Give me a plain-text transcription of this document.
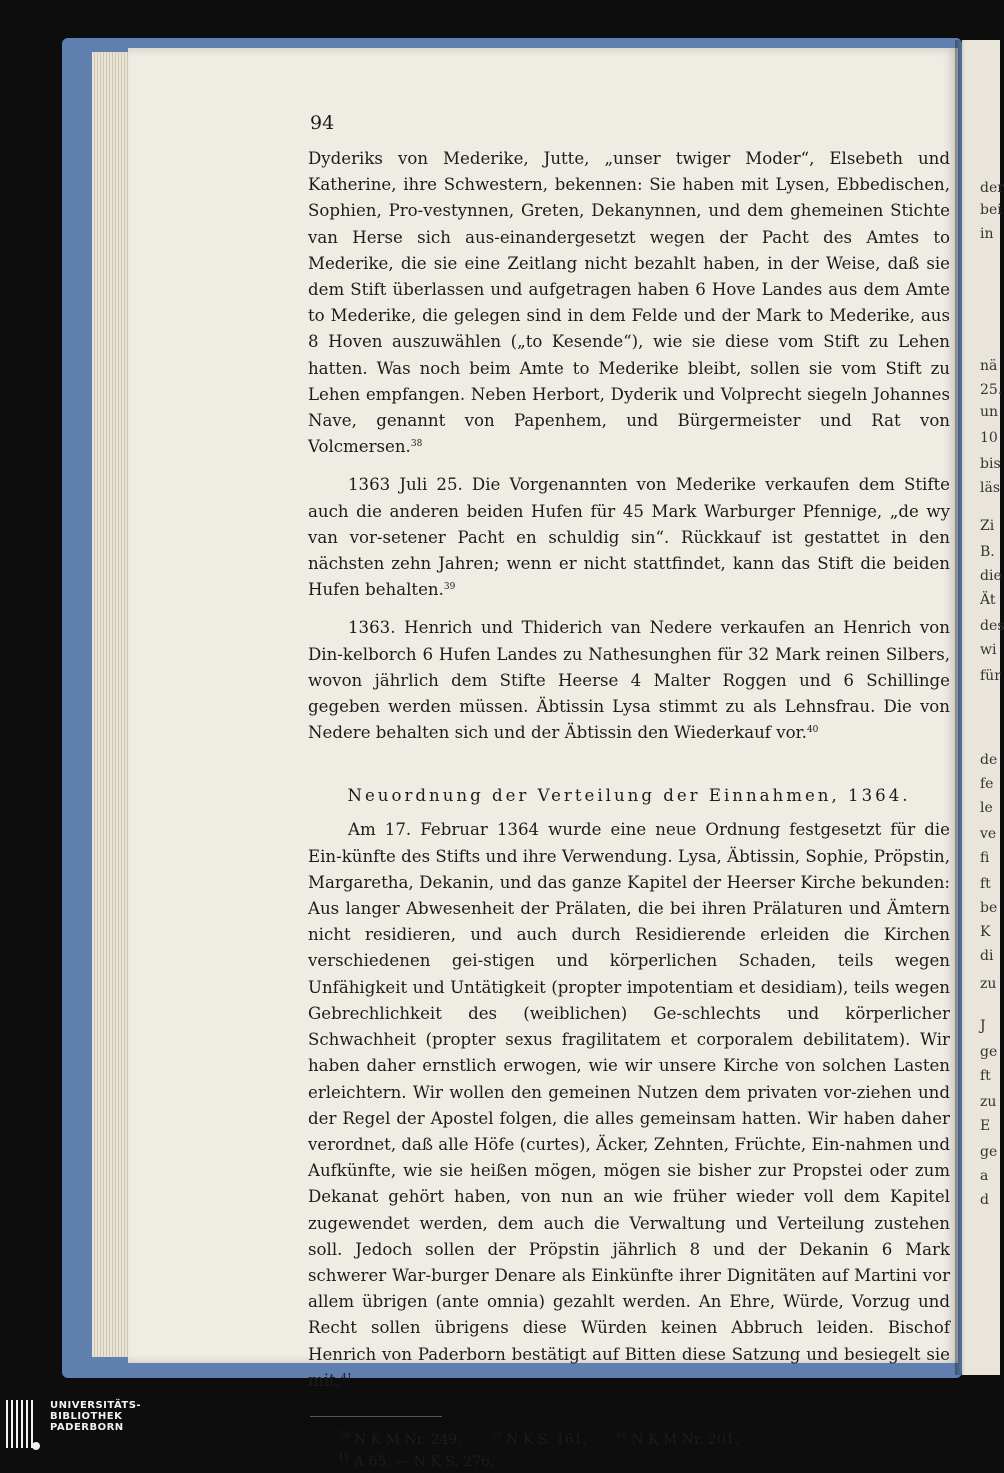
der
bei
in
nä
25.
un
10
bis
läs
Zi
B.
die
Ät
des
wi
für
de
fe
le
ve
fi
ft
be
K
di
zu
J
ge
ft
zu
E
ge
a
d
94

Dyderiks von Mederike, Jutte, „unser twiger Moder“, Elsebeth und Katherine, ihre Schwestern, bekennen: Sie haben mit Lysen, Ebbedischen, Sophien, Pro-vestynnen, Greten, Dekanynnen, und dem ghemeinen Stichte van Herse sich aus-einandergesetzt wegen der Pacht des Amtes to Mederike, die sie eine Zeitlang nicht bezahlt haben, in der Weise, daß sie dem Stift überlassen und aufgetragen haben 6 Hove Landes aus dem Amte to Mederike, die gelegen sind in dem Felde und der Mark to Mederike, aus 8 Hoven auszuwählen („to Kesende“), wie sie diese vom Stift zu Lehen hatten. Was noch beim Amte to Mederike bleibt, sollen sie vom Stift zu Lehen empfangen. Neben Herbort, Dyderik und Volprecht siegeln Johannes Nave, genannt von Papenhem, und Bürgermeister und Rat von Volcmersen.$^{38}$

1363 Juli 25. Die Vorgenannten von Mederike verkaufen dem Stifte auch die anderen beiden Hufen für 45 Mark Warburger Pfennige, „de wy van vor-setener Pacht en schuldig sin“. Rückkauf ist gestattet in den nächsten zehn Jahren; wenn er nicht stattfindet, kann das Stift die beiden Hufen behalten.$^{39}$

1363. Henrich und Thiderich van Nedere verkaufen an Henrich von Din-kelborch 6 Hufen Landes zu Nathesunghen für 32 Mark reinen Silbers, wovon jährlich dem Stifte Heerse 4 Malter Roggen und 6 Schillinge gegeben werden müssen. Äbtissin Lysa stimmt zu als Lehnsfrau. Die von Nedere behalten sich und der Äbtissin den Wiederkauf vor.$^{40}$

Neuordnung der Verteilung der Einnahmen, 1364.

Am 17. Februar 1364 wurde eine neue Ordnung festgesetzt für die Ein-künfte des Stifts und ihre Verwendung. Lysa, Äbtissin, Sophie, Pröpstin, Margaretha, Dekanin, und das ganze Kapitel der Heerser Kirche bekunden: Aus langer Abwesenheit der Prälaten, die bei ihren Prälaturen und Ämtern nicht residieren, und auch durch Residierende erleiden die Kirchen verschiedenen gei-stigen und körperlichen Schaden, teils wegen Unfähigkeit und Untätigkeit (propter impotentiam et desidiam), teils wegen Gebrechlichkeit des (weiblichen) Ge-schlechts und körperlicher Schwachheit (propter sexus fragilitatem et corporalem debilitatem). Wir haben daher ernstlich erwogen, wie wir unsere Kirche von solchen Lasten erleichtern. Wir wollen den gemeinen Nutzen dem privaten vor-ziehen und der Regel der Apostel folgen, die alles gemeinsam hatten. Wir haben daher verordnet, daß alle Höfe (curtes), Äcker, Zehnten, Früchte, Ein-nahmen und Aufkünfte, wie sie heißen mögen, mögen sie bisher zur Propstei oder zum Dekanat gehört haben, von nun an wie früher wieder voll dem Kapitel zugewendet werden, dem auch die Verwaltung und Verteilung zustehen soll. Jedoch sollen der Pröpstin jährlich 8 und der Dekanin 6 Mark schwerer War-burger Denare als Einkünfte ihrer Dignitäten auf Martini vor allem übrigen (ante omnia) gezahlt werden. An Ehre, Würde, Vorzug und Recht sollen übrigens diese Würden keinen Abbruch leiden. Bischof Henrich von Paderborn bestätigt auf Bitten diese Satzung und besiegelt sie mit.$^{41}$

$^{38}$ N K M Nr. 249.	$^{39}$ N K S. 161.	$^{40}$ N K M Nr. 201.
$^{41}$ A 65. — N K S. 276.
UNIVERSITÄTS-
BIBLIOTHEK
PADERBORN
